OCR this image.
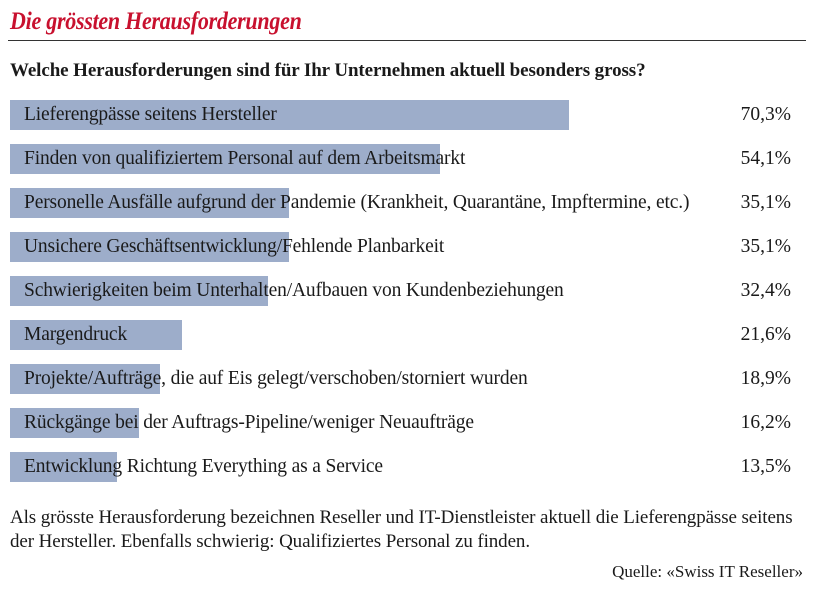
Die grössten Herausforderungen
Welche Herausforderungen sind für Ihr Unternehmen aktuell besonders gross?
Lieferengpässe seitens Hersteller	70,3%
Finden von qualifiziertem Personal auf dem Arbeitsmarkt	54,1%
Personelle Ausfälle aufgrund der Pandemie (Krankheit, Quarantäne, Impftermine, etc.)	35,1%
Unsichere Geschäftsentwicklung/Fehlende Planbarkeit	35,1%
Schwierigkeiten beim Unterhalten/Aufbauen von Kundenbeziehungen	32,4%
Margendruck	21,6%
Projekte/Aufträge, die auf Eis gelegt/verschoben/storniert wurden	18,9%
Rückgänge bei der Auftrags-Pipeline/weniger Neuaufträge	16,2%
Entwicklung Richtung Everything as a Service	13,5%
Als grösste Herausforderung bezeichnen Reseller und IT-Dienstleister aktuell die Lieferengpässe seitens der Hersteller. Ebenfalls schwierig: Qualifiziertes Personal zu finden.
Quelle: «Swiss IT Reseller»
